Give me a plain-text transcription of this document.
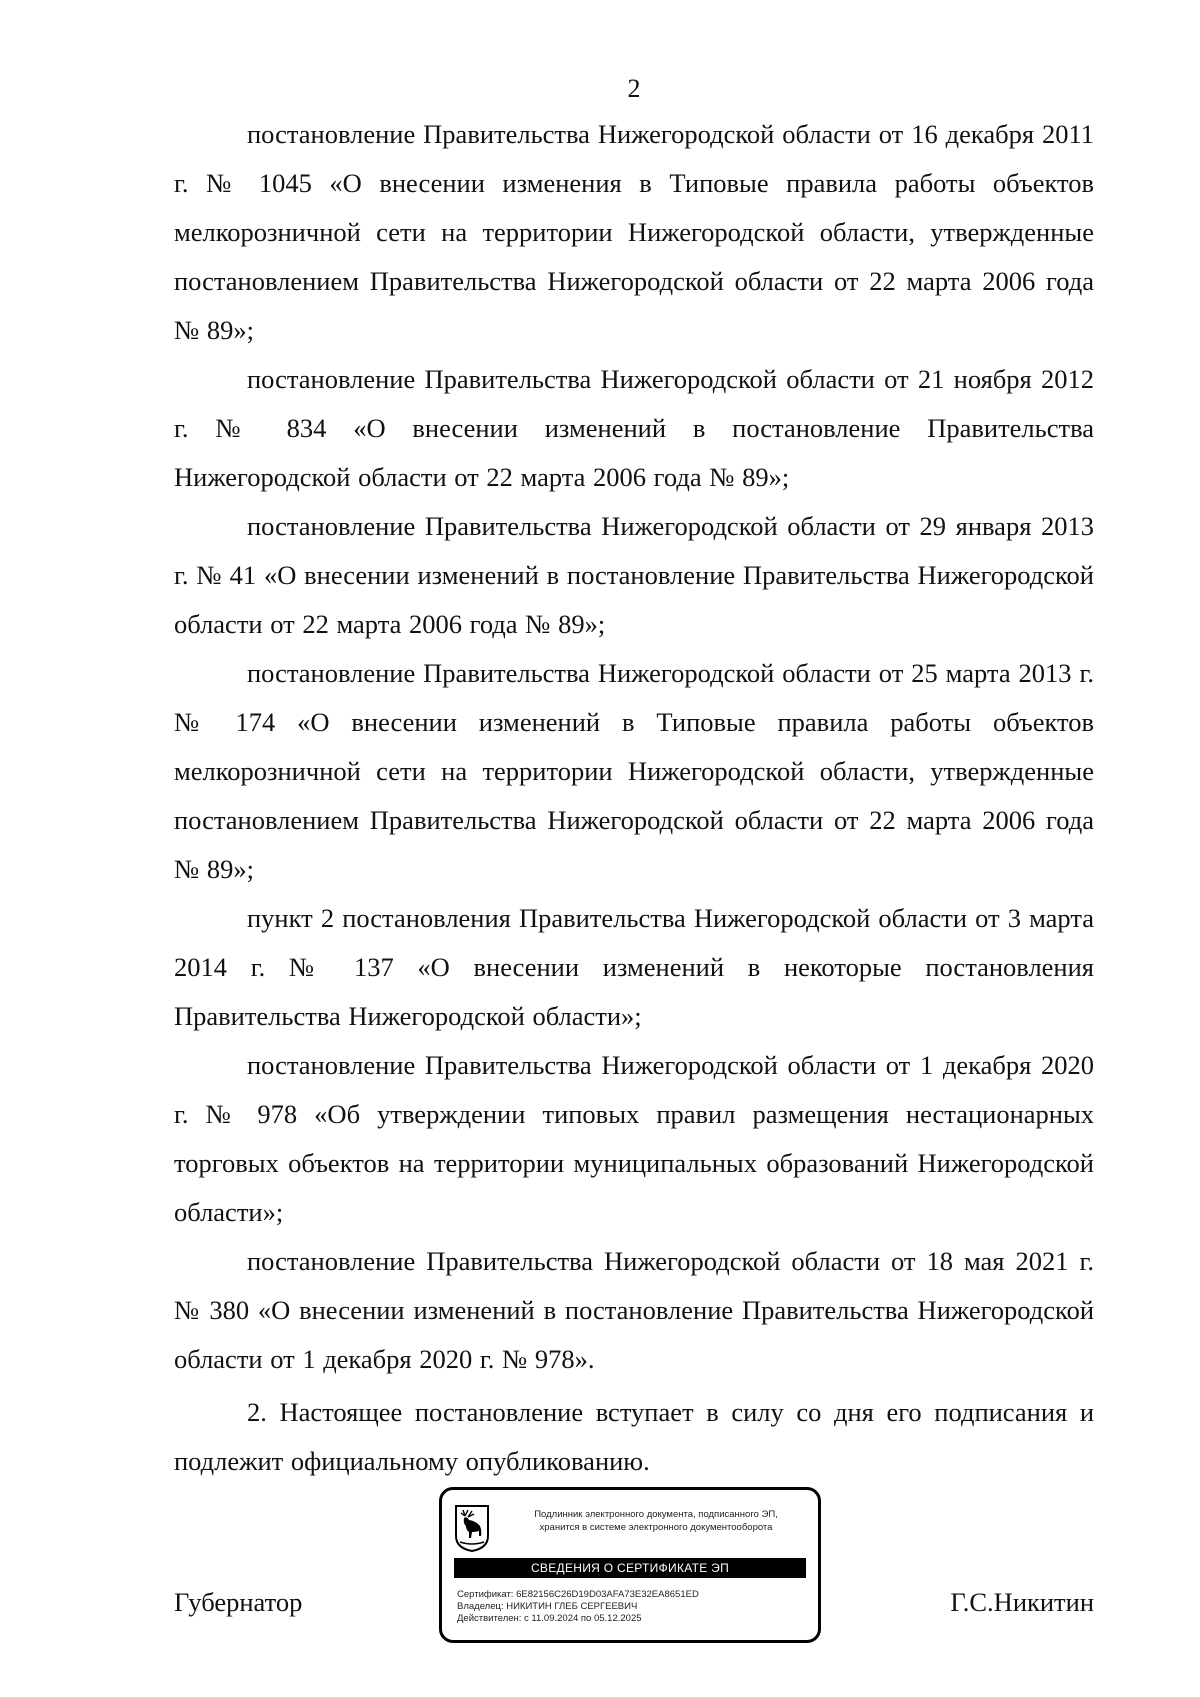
2

постановление Правительства Нижегородской области от 16 декабря 2011 г. № 1045 «О внесении изменения в Типовые правила работы объектов мелкорозничной сети на территории Нижегородской области, утвержденные постановлением Правительства Нижегородской области от 22 марта 2006 года № 89»;

постановление Правительства Нижегородской области от 21 ноября 2012 г. № 834 «О внесении изменений в постановление Правительства Нижегородской области от 22 марта 2006 года № 89»;

постановление Правительства Нижегородской области от 29 января 2013 г. № 41 «О внесении изменений в постановление Правительства Нижегородской области от 22 марта 2006 года № 89»;

постановление Правительства Нижегородской области от 25 марта 2013 г. № 174 «О внесении изменений в Типовые правила работы объектов мелкорозничной сети на территории Нижегородской области, утвержденные постановлением Правительства Нижегородской области от 22 марта 2006 года № 89»;

пункт 2 постановления Правительства Нижегородской области от 3 марта 2014 г. № 137 «О внесении изменений в некоторые постановления Правительства Нижегородской области»;

постановление Правительства Нижегородской области от 1 декабря 2020 г. № 978 «Об утверждении типовых правил размещения нестационарных торговых объектов на территории муниципальных образований Нижегородской области»;

постановление Правительства Нижегородской области от 18 мая 2021 г. № 380 «О внесении изменений в постановление Правительства Нижегородской области от 1 декабря 2020 г. № 978».

2. Настоящее постановление вступает в силу со дня его подписания и подлежит официальному опубликованию.

Губернатор	Г.С.Никитин
Подлинник электронного документа, подписанного ЭП,
хранится в системе электронного документооборота
СВЕДЕНИЯ О СЕРТИФИКАТЕ ЭП
Сертификат: 6E82156C26D19D03AFA73E32EA8651ED
Владелец: НИКИТИН ГЛЕБ СЕРГЕЕВИЧ
Действителен: с 11.09.2024 по 05.12.2025
